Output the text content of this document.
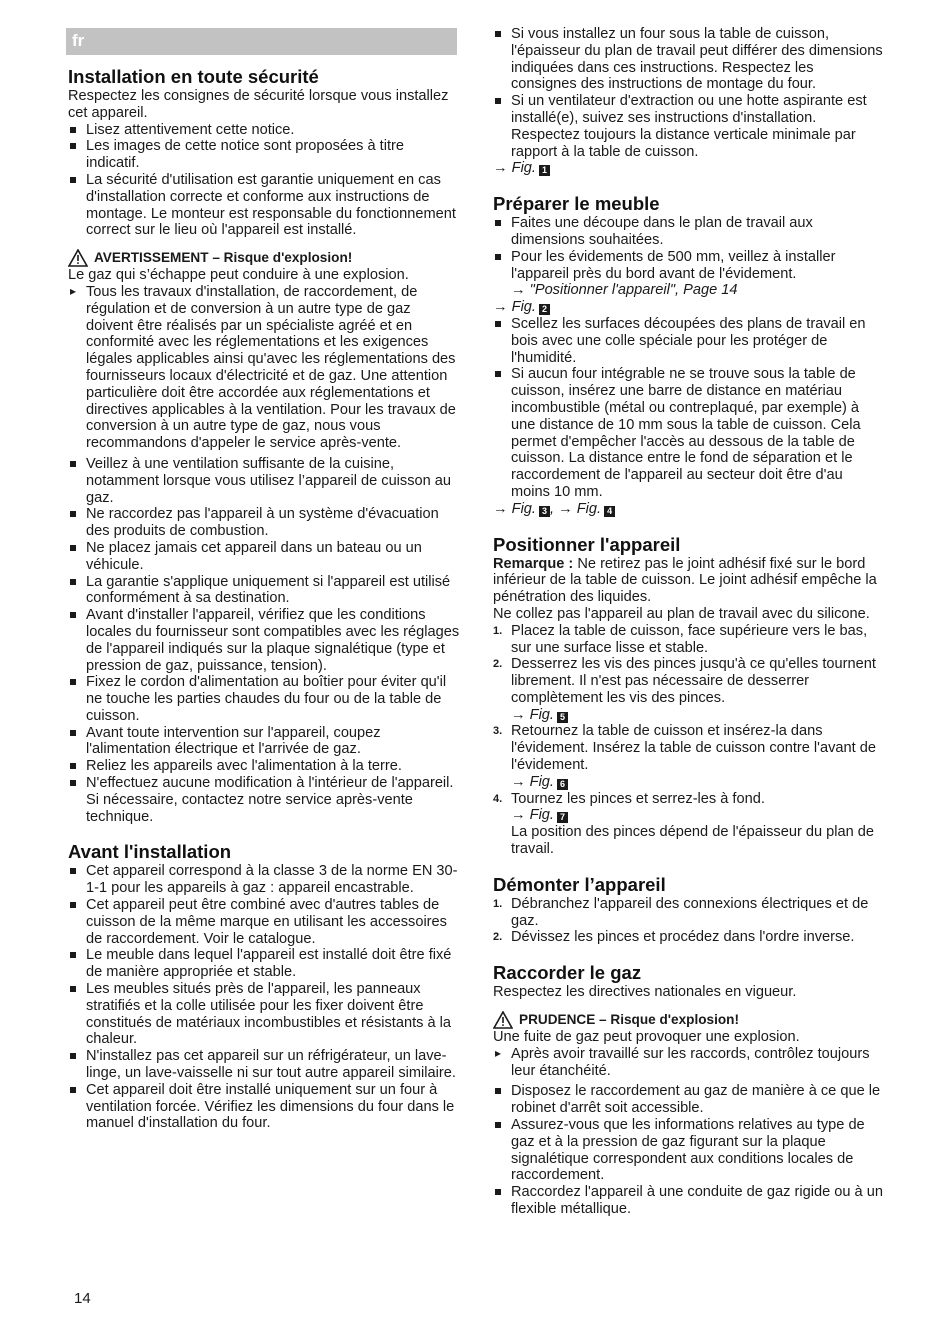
fr
Installation en toute sécurité

Respectez les consignes de sécurité lorsque vous installez cet appareil.

Lisez attentivement cette notice.
Les images de cette notice sont proposées à titre indicatif.
La sécurité d'utilisation est garantie uniquement en cas d'installation correcte et conforme aux instructions de montage. Le monteur est responsable du fonctionnement correct sur le lieu où l'appareil est installé.
AVERTISSEMENT – Risque d'explosion!

Le gaz qui s’échappe peut conduire à une explosion.

▸ Tous les travaux d'installation, de raccordement, de régulation et de conversion à un autre type de gaz doivent être réalisés par un spécialiste agréé et en conformité avec les réglementations et les exigences légales applicables ainsi qu'avec les réglementations des fournisseurs locaux d'électricité et de gaz. Une attention particulière doit être accordée aux réglementations et directives applicables à la ventilation. Pour les travaux de conversion à un autre type de gaz, nous vous recommandons d'appeler le service après-vente.
Veillez à une ventilation suffisante de la cuisine, notamment lorsque vous utilisez l’appareil de cuisson au gaz.
Ne raccordez pas l'appareil à un système d'évacuation des produits de combustion.
Ne placez jamais cet appareil dans un bateau ou un véhicule.
La garantie s'applique uniquement si l'appareil est utilisé conformément à sa destination.
Avant d'installer l'appareil, vérifiez que les conditions locales du fournisseur sont compatibles avec les réglages de l'appareil indiqués sur la plaque signalétique (type et pression de gaz, puissance, tension).
Fixez le cordon d'alimentation au boîtier pour éviter qu'il ne touche les parties chaudes du four ou de la table de cuisson.
Avant toute intervention sur l'appareil, coupez l'alimentation électrique et l'arrivée de gaz.
Reliez les appareils avec l'alimentation à la terre.
N'effectuez aucune modification à l'intérieur de l'appareil. Si nécessaire, contactez notre service après-vente technique.
Avant l'installation
Cet appareil correspond à la classe 3 de la norme EN 30-1-1 pour les appareils à gaz : appareil encastrable.
Cet appareil peut être combiné avec d'autres tables de cuisson de la même marque en utilisant les accessoires de raccordement. Voir le catalogue.
Le meuble dans lequel l'appareil est installé doit être fixé de manière appropriée et stable.
Les meubles situés près de l'appareil, les panneaux stratifiés et la colle utilisée pour les fixer doivent être constitués de matériaux incombustibles et résistants à la chaleur.
N'installez pas cet appareil sur un réfrigérateur, un lave-linge, un lave-vaisselle ni sur tout autre appareil similaire.
Cet appareil doit être installé uniquement sur un four à ventilation forcée. Vérifiez les dimensions du four dans le manuel d'installation du four.
Si vous installez un four sous la table de cuisson, l'épaisseur du plan de travail peut différer des dimensions indiquées dans ces instructions. Respectez les consignes des instructions de montage du four.
Si un ventilateur d'extraction ou une hotte aspirante est installé(e), suivez ses instructions d'installation. Respectez toujours la distance verticale minimale par rapport à la table de cuisson.

→ Fig. 1

Préparer le meuble
Faites une découpe dans le plan de travail aux dimensions souhaitées.
Pour les évidements de 500 mm, veillez à installer l'appareil près du bord avant de l'évidement.
→ "Positionner l'appareil", Page 14

→ Fig. 2

Scellez les surfaces découpées des plans de travail en bois avec une colle spéciale pour les protéger de l'humidité.
Si aucun four intégrable ne se trouve sous la table de cuisson, insérez une barre de distance en matériau incombustible (métal ou contreplaqué, par exemple) à une distance de 10 mm sous la table de cuisson. Cela permet d'empêcher l'accès au dessous de la table de cuisson. La distance entre le fond de séparation et le raccordement de l'appareil au secteur doit être d'au moins 10 mm.

→ Fig. 3 , → Fig. 4

Positionner l'appareil

Remarque : Ne retirez pas le joint adhésif fixé sur le bord inférieur de la table de cuisson. Le joint adhésif empêche la pénétration des liquides.

Ne collez pas l'appareil au plan de travail avec du silicone.

1. Placez la table de cuisson, face supérieure vers le bas, sur une surface lisse et stable.
2. Desserrez les vis des pinces jusqu'à ce qu'elles tournent librement. Il n'est pas nécessaire de desserrer complètement les vis des pinces.
→ Fig. 5
3. Retournez la table de cuisson et insérez-la dans l'évidement. Insérez la table de cuisson contre l'avant de l'évidement.
→ Fig. 6
4. Tournez les pinces et serrez-les à fond.
→ Fig. 7
La position des pinces dépend de l'épaisseur du plan de travail.
Démonter l’appareil
1. Débranchez l'appareil des connexions électriques et de gaz.
2. Dévissez les pinces et procédez dans l'ordre inverse.
Raccorder le gaz

Respectez les directives nationales en vigueur.

PRUDENCE – Risque d'explosion!

Une fuite de gaz peut provoquer une explosion.

▸ Après avoir travaillé sur les raccords, contrôlez toujours leur étanchéité.
Disposez le raccordement au gaz de manière à ce que le robinet d'arrêt soit accessible.
Assurez-vous que les informations relatives au type de gaz et à la pression de gaz figurant sur la plaque signalétique correspondent aux conditions locales de raccordement.
Raccordez l'appareil à une conduite de gaz rigide ou à un flexible métallique.
14
